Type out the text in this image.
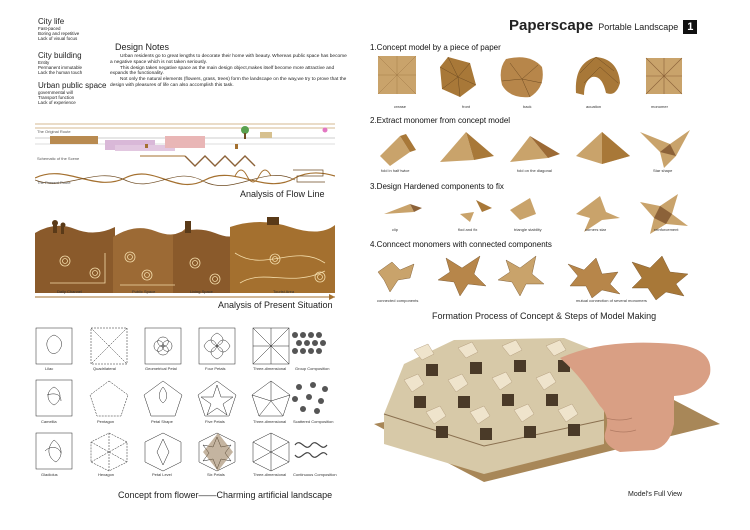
City life
Fast-paced
Boring and repetitive
Lack of visual focus
City building
Entity
Permanent immutable
Lack the human touch
Urban public space
governmental will
Transport function
Lack of experience
Design Notes

Urban residents go to great lengths to decorate their home with beauty. Whereas public space has become a negative space which is not taken seriously.

This design takes negative space as the main design object,makes itself become more attractive and expands the functionality.

Not only the natural elements (flowers, grass, trees) form the landscape on the way,we try to prove that the design with pleasures of life can also accomplish this task.

The Original Route
Schematic of the Scene
The Present Route
Analysis of Flow Line
Daily Channel	Public Space	Living Space	Tourist Area
Analysis of Present Situation
Lilac	Quadrilateral	Geometrical Petal	Four Petals	Three-dimensional Group Composition
Camellia	Pentagon	Petal Shape	Five Petals	Three-dimensional Scattered Composition
Gladiolus	Hexagon	Petal Level	Six Petals	Three-dimensional Continuous Composition
Concept from flower——Charming artificial landscape
Paperscape Portable Landscape 1
1.Concept model by a piece of paper
crease	front	back	acuation	monomer
2.Extract monomer from concept model
fold in half twice	fold on the diagonal	Star shape
3.Design Hardened components to fix
clip	flod and fix	triangle stability	corners star	reinforcement
4.Conncect monomers with connected components
connected components	mutual connection of several monomers
Formation Process of Concept & Steps of Model Making
Model's Full View
